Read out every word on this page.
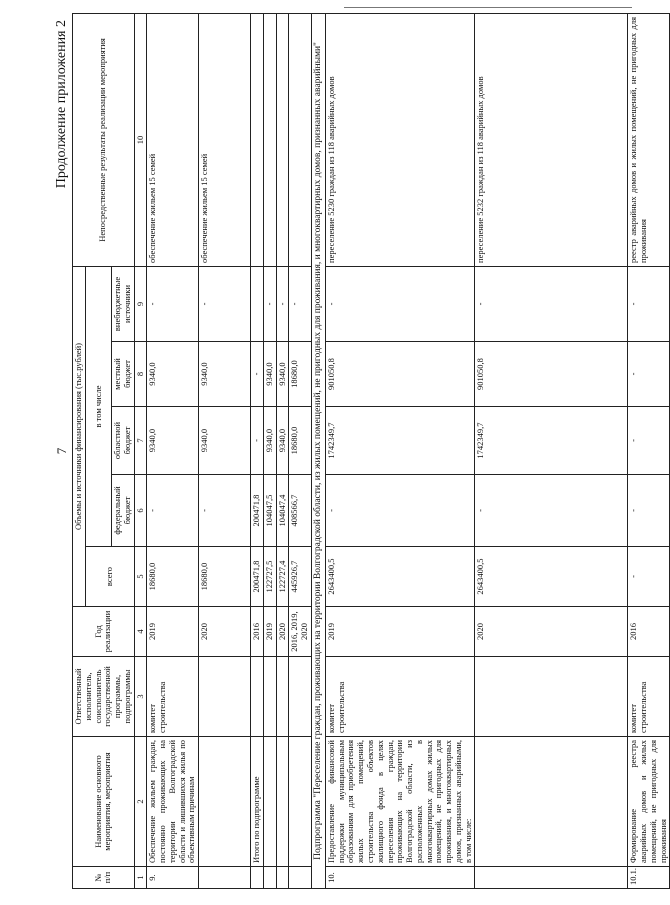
7
Продолжение приложения 2
№ п/п	Наименование основного мероприятия, мероприятия	Ответственный исполнитель, соисполнитель государственной программы, подпрограммы	Год реализации	Объемы и источники финансирования (тыс.рублей)					Непосредственные результаты реализации мероприятия
				всего	в том числе				
					федеральный бюджет	областной бюджет	местный бюджет	внебюджетные источники	
1	2	3	4	5	6	7	8	9	10
9.	Обеспечение жильем граждан, постоянно проживающих на территории Волгоградской области и лишившихся жилья по объективным причинам	комитет строительства	2019	18680,0	-	9340,0	9340,0	-	обеспечение жильем 15 семей
			2020	18680,0	-	9340,0	9340,0	-	обеспечение жильем 15 семей
	Итого по подпрограмме		2016	200471,8	200471,8	-	-		
			2019	122727,5	104047,5	9340,0	9340,0	-	
			2020	122727,4	104047,4	9340,0	9340,0	-	
			2016, 2019, 2020	445926,7	408566,7	18680,0	18680,0	-	
Подпрограмма "Переселение граждан, проживающих на территории Волгоградской области, из жилых помещений, не пригодных для проживания, и многоквартирных домов, признанных аварийными"									
10.	Предоставление финансовой поддержки муниципальным образованиям для приобретения жилых помещений, строительства объектов жилищного фонда в целях переселения граждан, проживающих на территории Волгоградской области, из расположенных в многоквартирных домах жилых помещений, не пригодных для проживания, и многоквартирных домов, признанных аварийными, в том числе:	комитет строительства	2019	2643400,5	-	1742349,7	901050,8	-	переселение 5230 граждан из 118 аварийных домов
			2020	2643400,5	-	1742349,7	901050,8	-	переселение 5232 граждан из 118 аварийных домов
10.1.	Формирование реестра аварийных домов и жилых помещений, не пригодных для проживания	комитет строительства	2016	-	-	-	-	-	реестр аварийных домов и жилых помещений, не пригодных для проживания
